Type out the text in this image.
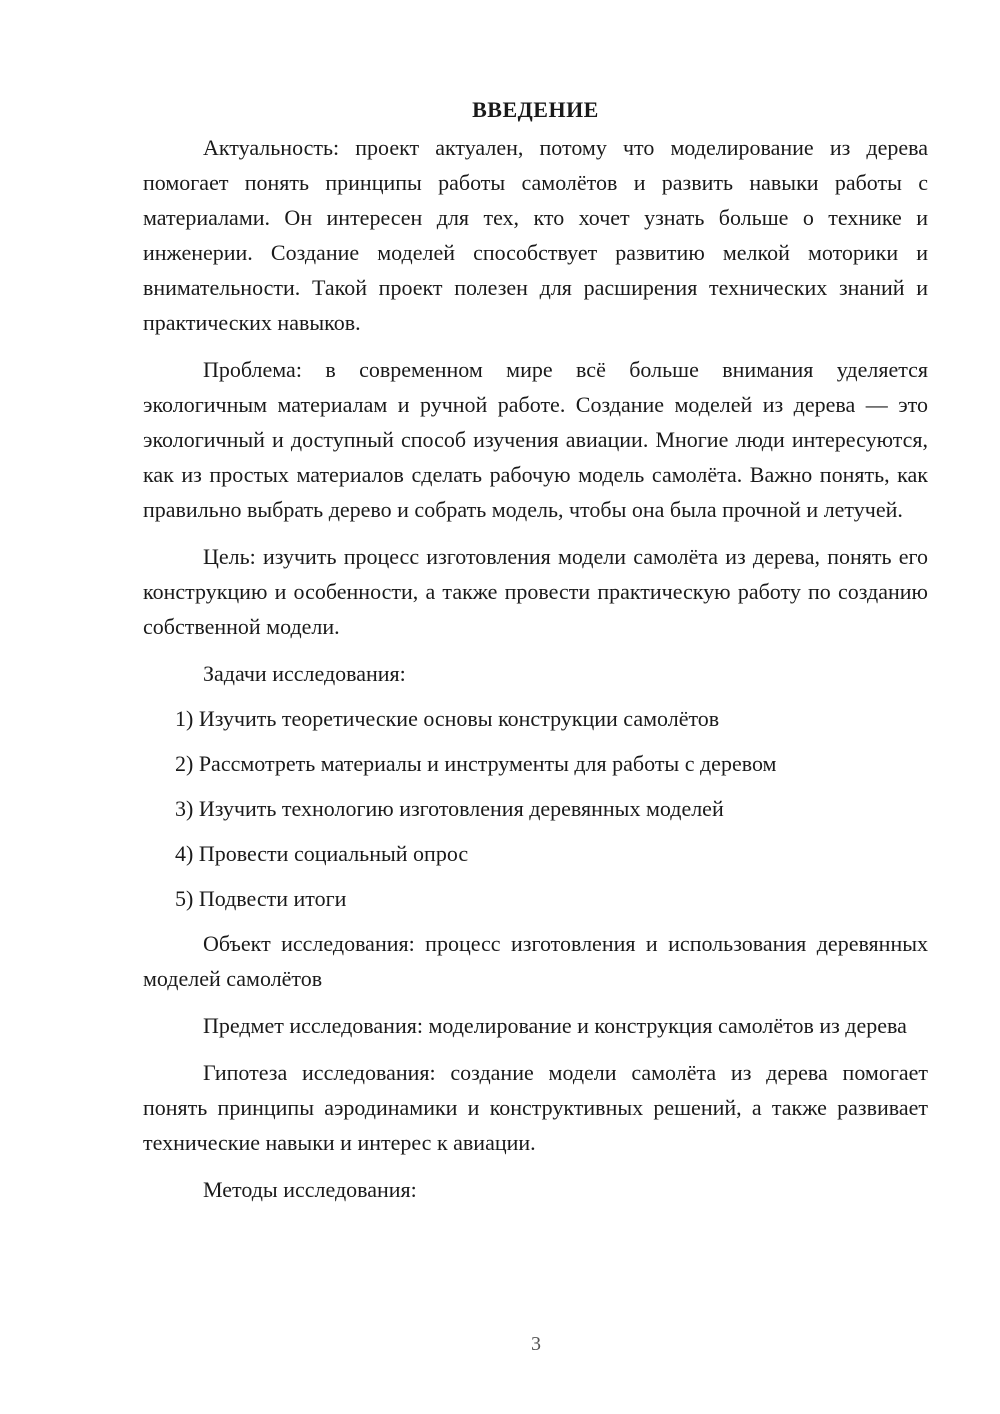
ВВЕДЕНИЕ

Актуальность: проект актуален, потому что моделирование из дерева помогает понять принципы работы самолётов и развить навыки работы с материалами. Он интересен для тех, кто хочет узнать больше о технике и инженерии. Создание моделей способствует развитию мелкой моторики и внимательности. Такой проект полезен для расширения технических знаний и практических навыков.

Проблема: в современном мире всё больше внимания уделяется экологичным материалам и ручной работе. Создание моделей из дерева — это экологичный и доступный способ изучения авиации. Многие люди интересуются, как из простых материалов сделать рабочую модель самолёта. Важно понять, как правильно выбрать дерево и собрать модель, чтобы она была прочной и летучей.

Цель: изучить процесс изготовления модели самолёта из дерева, понять его конструкцию и особенности, а также провести практическую работу по созданию собственной модели.

Задачи исследования:

1) Изучить теоретические основы конструкции самолётов
2) Рассмотреть материалы и инструменты для работы с деревом
3) Изучить технологию изготовления деревянных моделей
4) Провести социальный опрос
5) Подвести итоги

Объект исследования: процесс изготовления и использования деревянных моделей самолётов

Предмет исследования: моделирование и конструкция самолётов из дерева

Гипотеза исследования: создание модели самолёта из дерева помогает понять принципы аэродинамики и конструктивных решений, а также развивает технические навыки и интерес к авиации.

Методы исследования:

3
